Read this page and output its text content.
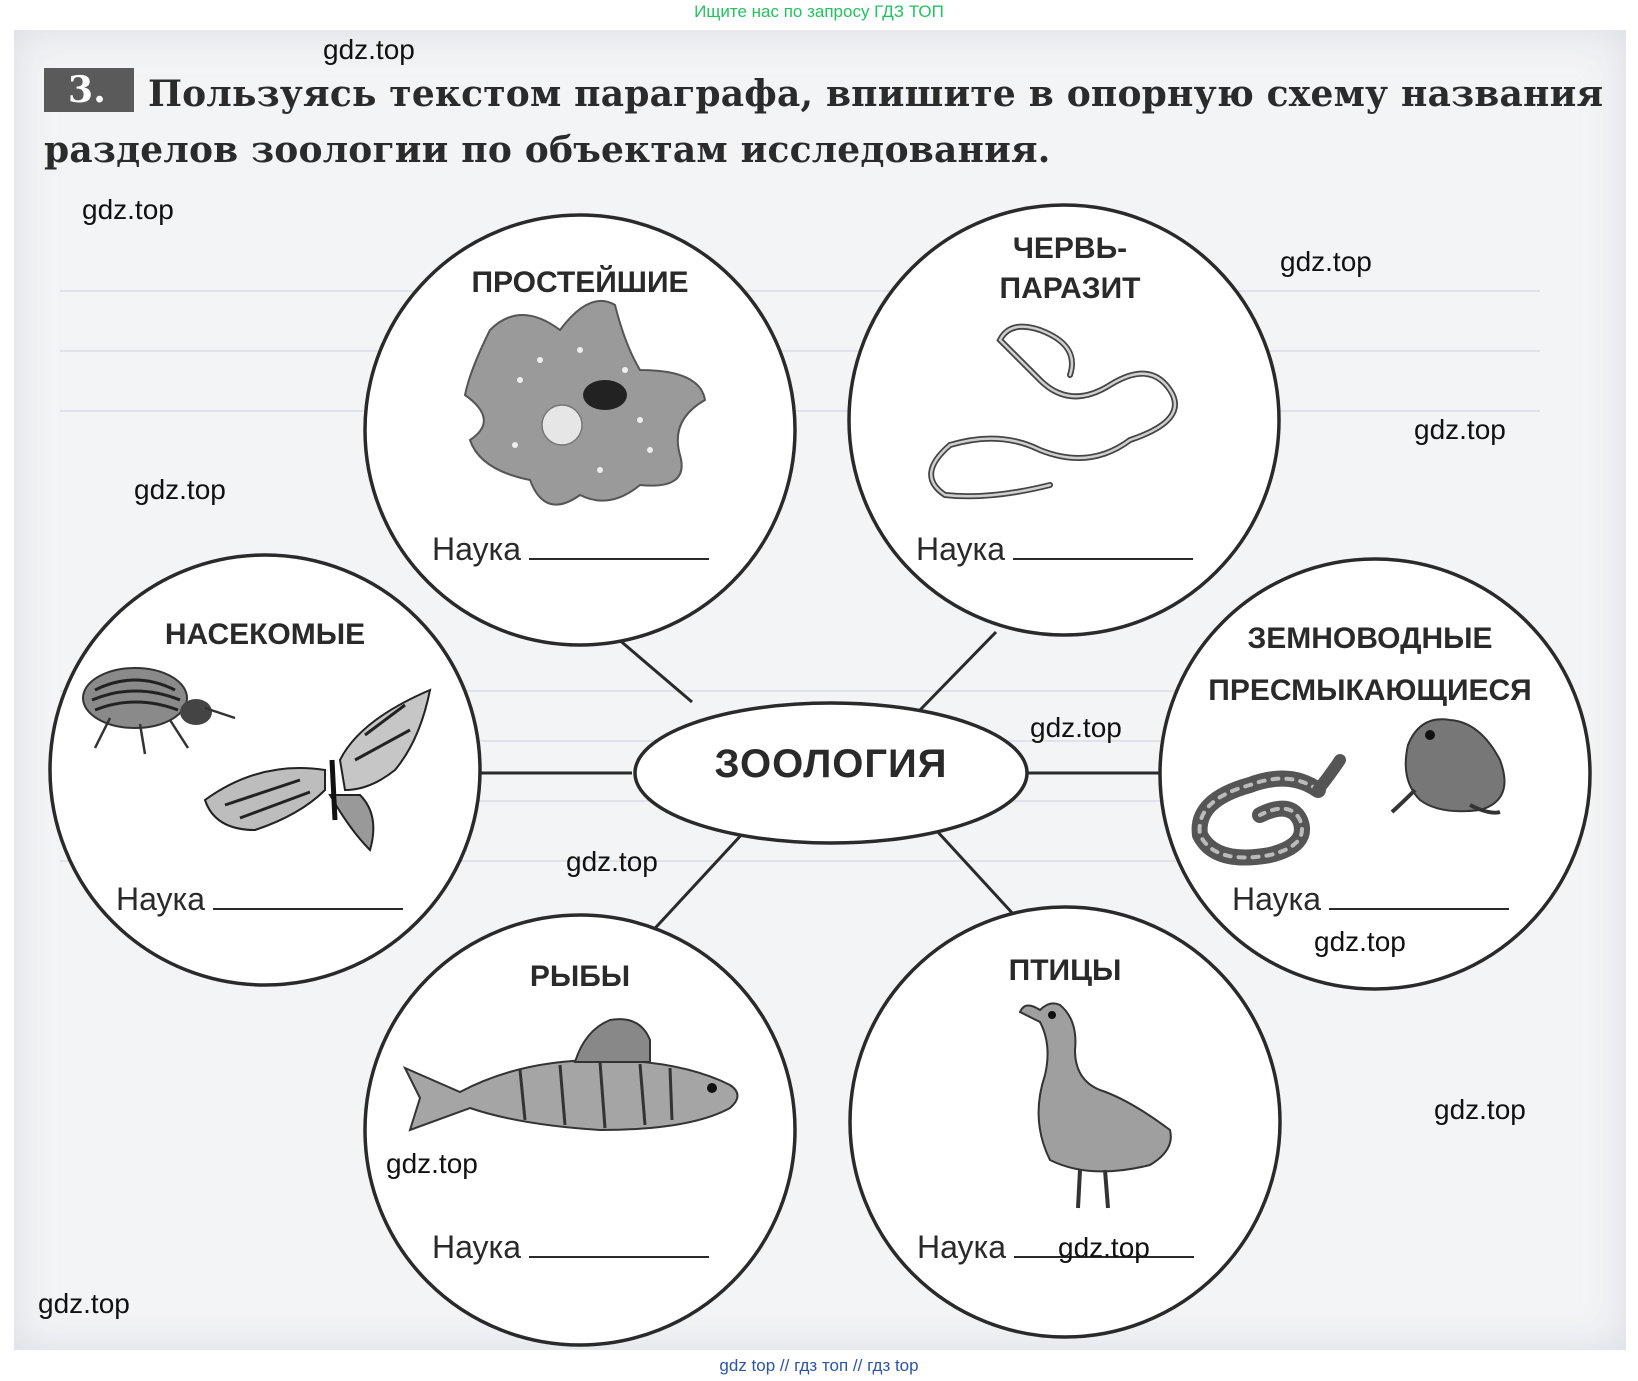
Ищите нас по запросу ГДЗ ТОП
3. Пользуясь текстом параграфа, впишите в опорную схему названия разделов зоологии по объектам исследования.
ПРОСТЕЙШИЕ
ЧЕРВЬ-
ПАРАЗИТ
НАСЕКОМЫЕ	ЗЕМНОВОДНЫЕ
ПРЕСМЫКАЮЩИЕСЯ
РЫБЫ	ПТИЦЫ
ЗООЛОГИЯ
Наука	Наука
Наука	Наука
Наука	Наука
gdz.top
gdz.top
gdz.top
gdz.top
gdz.top
gdz.top
gdz.top
gdz.top
gdz.top
gdz.top
gdz.top
gdz.top
gdz top // гдз топ // гдз top
